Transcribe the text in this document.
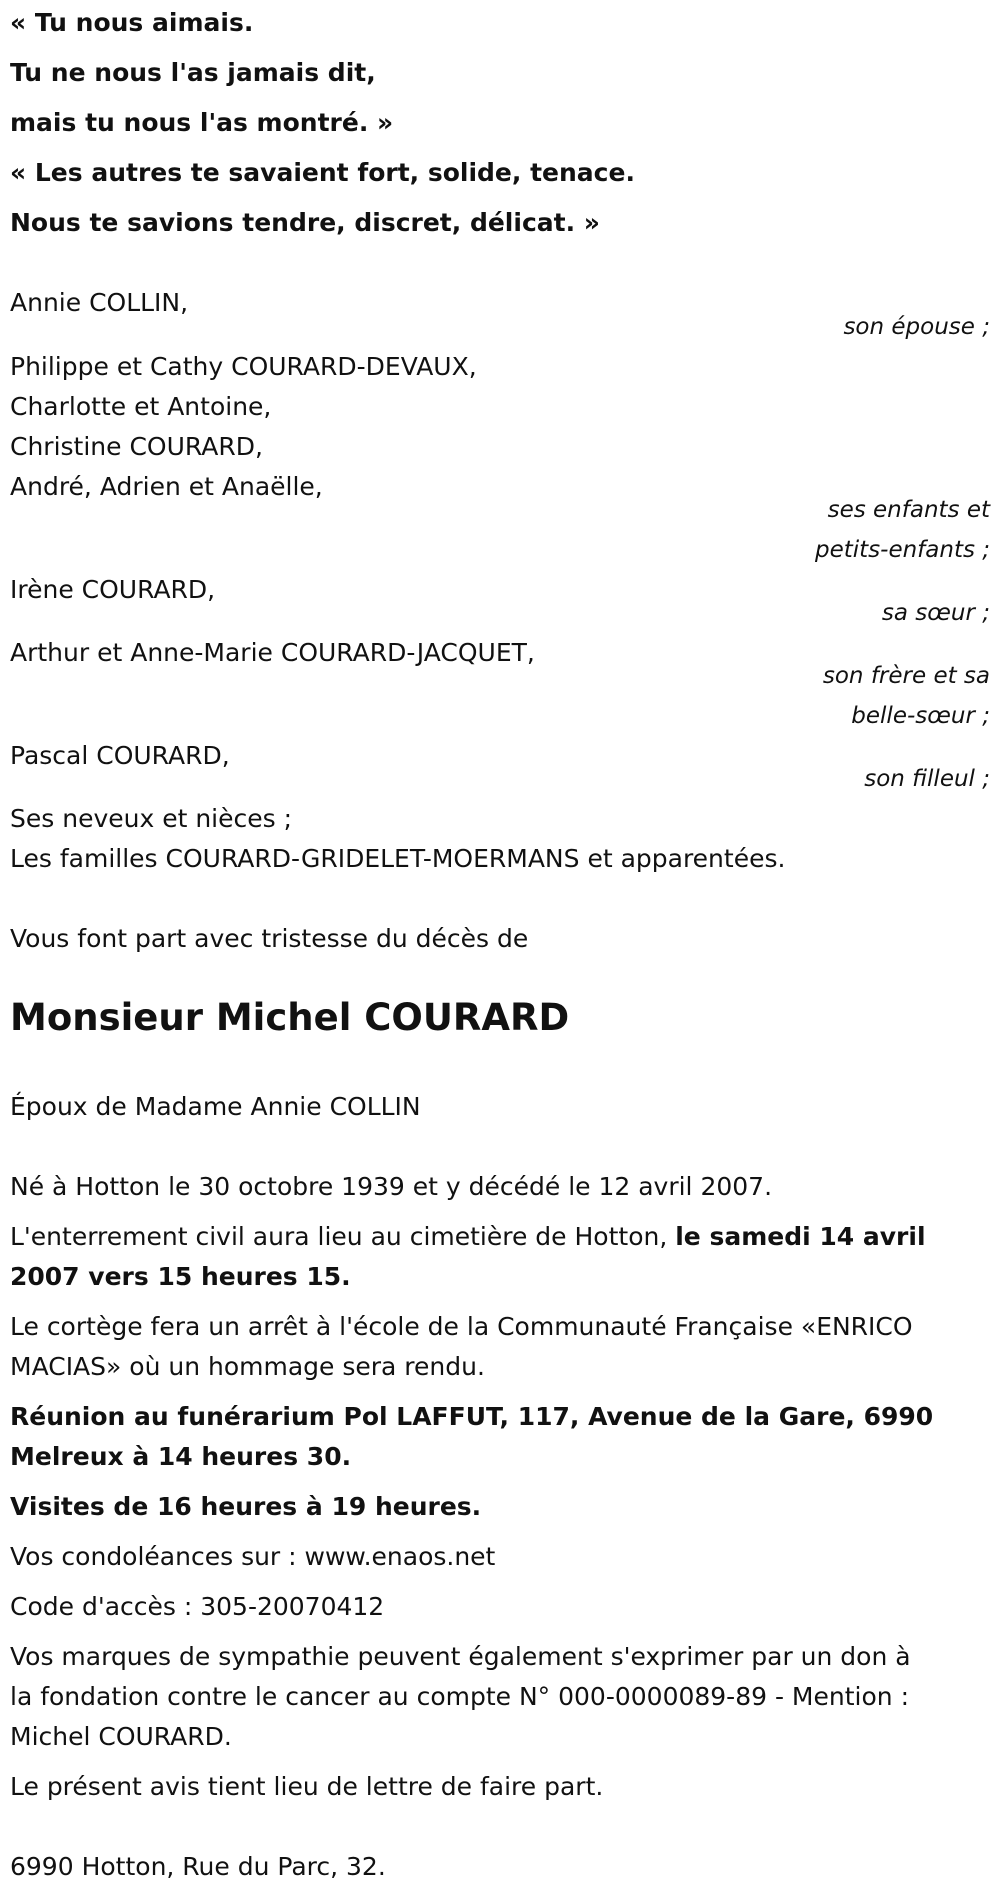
« Tu nous aimais.
Tu ne nous l'as jamais dit,
mais tu nous l'as montré. »
« Les autres te savaient fort, solide, tenace.
Nous te savions tendre, discret, délicat. »
Annie COLLIN,
son épouse ;
Philippe et Cathy COURARD-DEVAUX,
Charlotte et Antoine,
Christine COURARD,
André, Adrien et Anaëlle,
ses enfants et
petits-enfants ;
Irène COURARD,
sa sœur ;
Arthur et Anne-Marie COURARD-JACQUET,
son frère et sa
belle-sœur ;
Pascal COURARD,
son filleul ;
Ses neveux et nièces ;
Les familles COURARD-GRIDELET-MOERMANS et apparentées.
Vous font part avec tristesse du décès de
Monsieur Michel COURARD
Époux de Madame Annie COLLIN
Né à Hotton le 30 octobre 1939 et y décédé le 12 avril 2007.
L'enterrement civil aura lieu au cimetière de Hotton, le samedi 14 avril
2007 vers 15 heures 15.
Le cortège fera un arrêt à l'école de la Communauté Française «ENRICO
MACIAS» où un hommage sera rendu.
Réunion au funérarium Pol LAFFUT, 117, Avenue de la Gare, 6990
Melreux à 14 heures 30.
Visites de 16 heures à 19 heures.
Vos condoléances sur : www.enaos.net
Code d'accès : 305-20070412
Vos marques de sympathie peuvent également s'exprimer par un don à
la fondation contre le cancer au compte N° 000-0000089-89 - Mention :
Michel COURARD.
Le présent avis tient lieu de lettre de faire part.
6990 Hotton, Rue du Parc, 32.
